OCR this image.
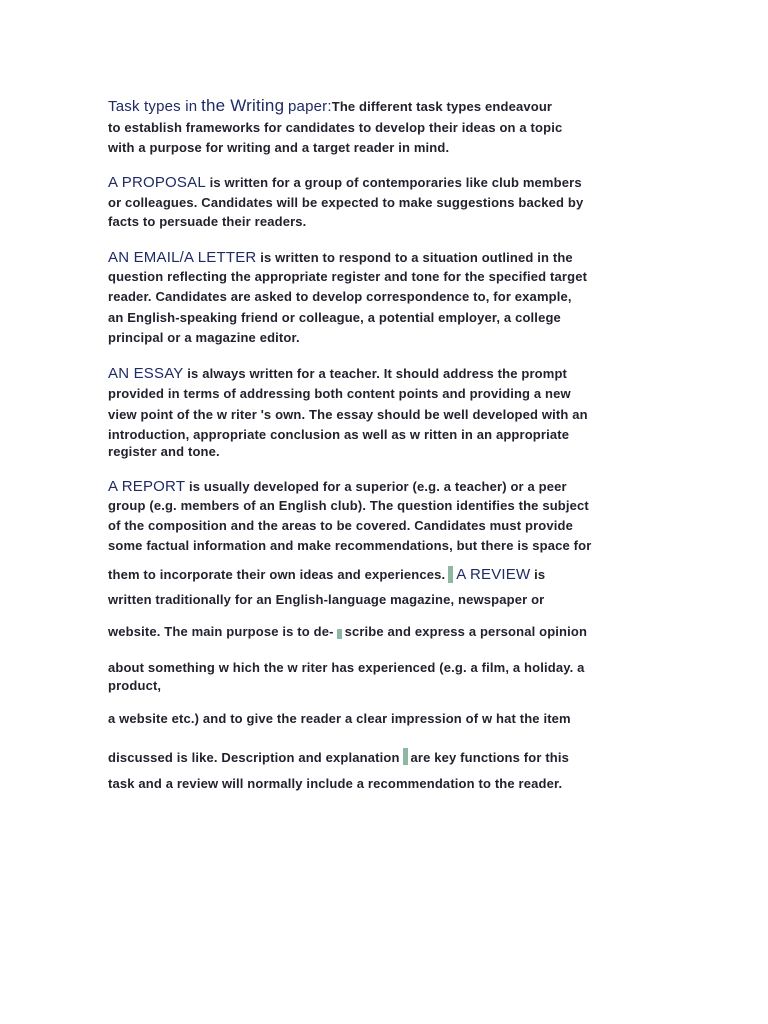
Task types in the Writing paper:The different task types endeavour
to establish frameworks for candidates to develop their ideas on a topic
with a purpose for writing and a target reader in mind.
A PROPOSAL is written for a group of contemporaries like club members
or colleagues. Candidates will be expected to make suggestions backed by
facts to persuade their readers.
AN EMAIL/A LETTER is written to respond to a situation outlined in the
question reflecting the appropriate register and tone for the specified target
reader. Candidates are asked to develop correspondence to, for example,
an English-speaking friend or colleague, a potential employer, a college
principal or a magazine editor.
AN ESSAY is always written for a teacher. It should address the prompt
provided in terms of addressing both content points and providing a new
view point of the w riter 's own. The essay should be well developed with an
introduction, appropriate conclusion as well as w ritten in an appropriate
register and tone.
A REPORT is usually developed for a superior (e.g. a teacher) or a peer
group (e.g. members of an English club). The question identifies the subject
of the composition and the areas to be covered. Candidates must provide
some factual information and make recommendations, but there is space for
them to incorporate their own ideas and experiences. A REVIEW is
written traditionally for an English-language magazine, newspaper or
website. The main purpose is to de- scribe and express a personal opinion
about something w hich the w riter has experienced (e.g. a film, a holiday. a
product,
a website etc.) and to give the reader a clear impression of w hat the item
discussed is like. Description and explanation are key functions for this
task and a review will normally include a recommendation to the reader.
